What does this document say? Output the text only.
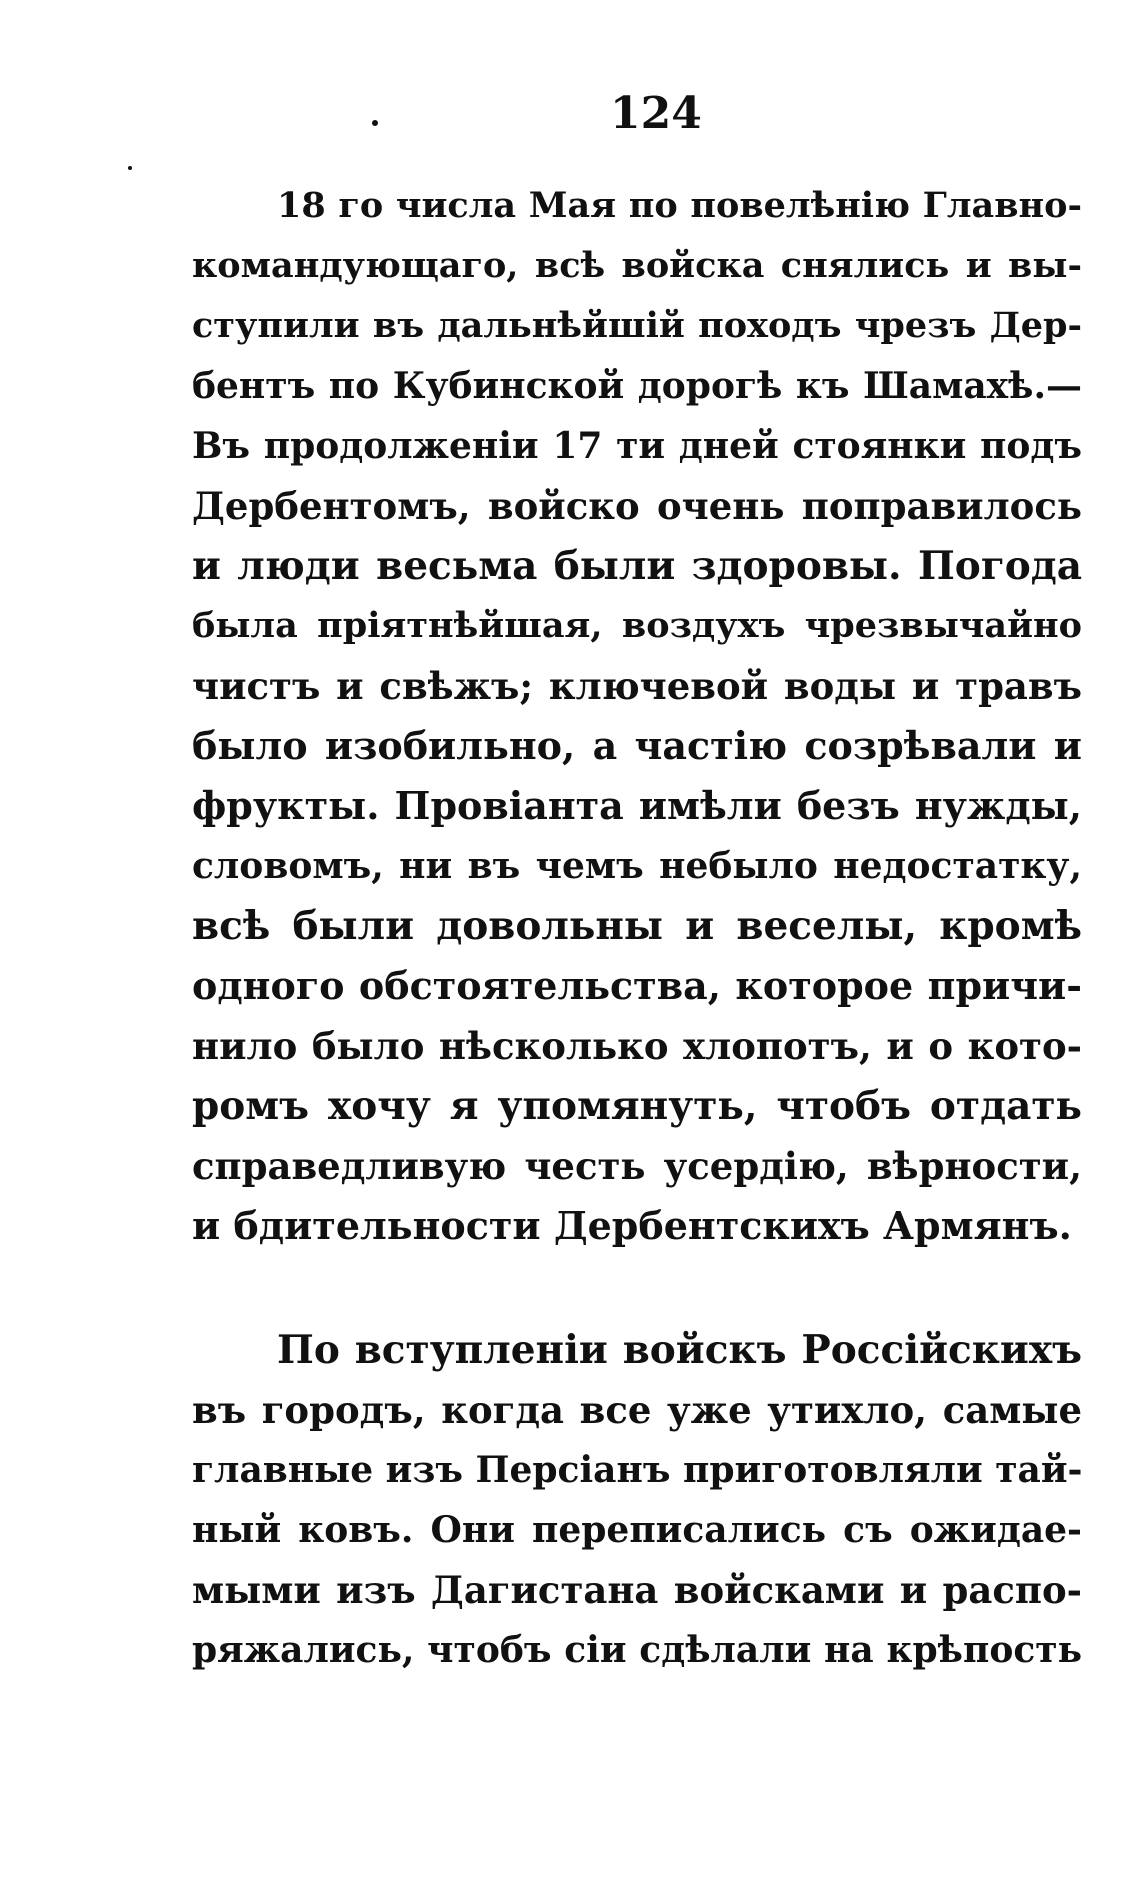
124
18 го числа Мая по повелѣнію Главно-
командующаго, всѣ войска снялись и вы-
ступили въ дальнѣйшій походъ чрезъ Дер-
бентъ по Кубинской дорогѣ къ Шамахѣ.—
Въ продолженіи 17 ти дней стоянки подъ
Дербентомъ, войско очень поправилось
и люди весьма были здоровы. Погода
была пріятнѣйшая, воздухъ чрезвычайно
чистъ и свѣжъ; ключевой воды и травъ
было изобильно, а частію созрѣвали и
фрукты. Провіанта имѣли безъ нужды,
словомъ, ни въ чемъ небыло недостатку,
всѣ были довольны и веселы, кромѣ
одного обстоятельства, которое причи-
нило было нѣсколько хлопотъ, и о кото-
ромъ хочу я упомянуть, чтобъ отдать
справедливую честь усердію, вѣрности,
и бдительности Дербентскихъ Армянъ.
По вступленіи войскъ Россійскихъ
въ городъ, когда все уже утихло, самые
главные изъ Персіанъ приготовляли тай-
ный ковъ. Они переписались съ ожидае-
мыми изъ Дагистана войсками и распо-
ряжались, чтобъ сіи сдѣлали на крѣпость
